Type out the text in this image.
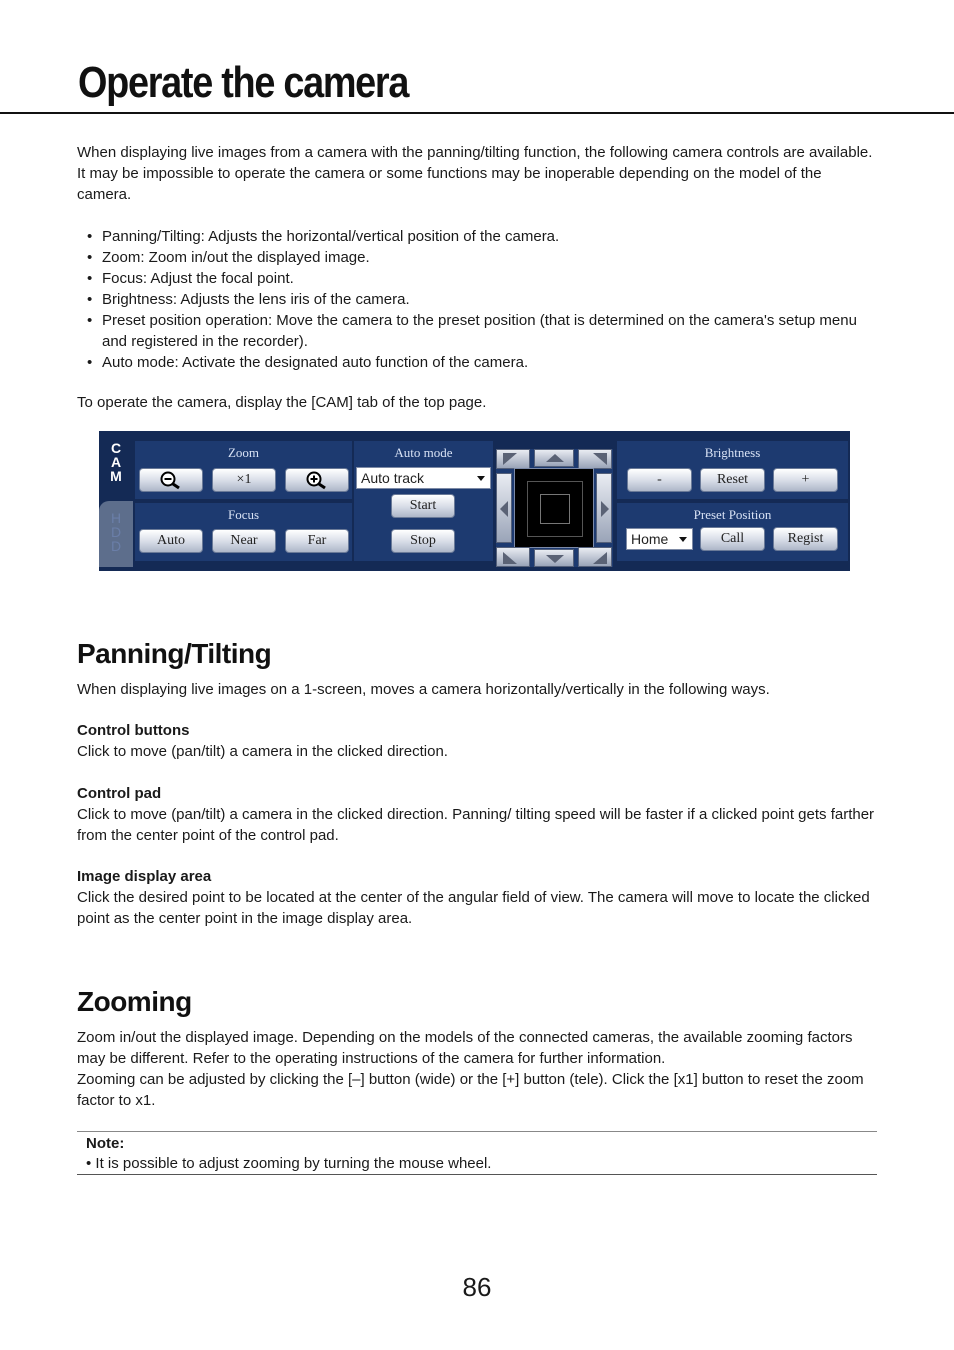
Operate the camera

When displaying live images from a camera with the panning/tilting function, the following camera controls are available. It may be impossible to operate the camera or some functions may be inoperable depending on the model of the camera.

• Panning/Tilting: Adjusts the horizontal/vertical position of the camera.
• Zoom: Zoom in/out the displayed image.
• Focus: Adjust the focal point.
• Brightness: Adjusts the lens iris of the camera.
• Preset position operation: Move the camera to the preset position (that is determined on the camera's setup menu and registered in the recorder).
• Auto mode: Activate the designated auto function of the camera.

To operate the camera, display the [CAM] tab of the top page.

C
A
M
H
D
D
Zoom
×1
Focus
Auto	Near	Far
Auto mode
Auto track
Start
Stop
Brightness
-	Reset	+
Preset Position
Home	Call	Regist
Panning/Tilting

When displaying live images on a 1-screen, moves a camera horizontally/vertically in the following ways.

Control buttons
Click to move (pan/tilt) a camera in the clicked direction.
Control pad
Click to move (pan/tilt) a camera in the clicked direction. Panning/ tilting speed will be faster if a clicked point gets farther from the center point of the control pad.
Image display area
Click the desired point to be located at the center of the angular field of view. The camera will move to locate the clicked point as the center point in the image display area.
Zooming

Zoom in/out the displayed image. Depending on the models of the connected cameras, the available zooming factors may be different. Refer to the operating instructions of the camera for further information.

Zooming can be adjusted by clicking the [–] button (wide) or the [+] button (tele). Click the [x1] button to reset the zoom factor to x1.

Note:
• It is possible to adjust zooming by turning the mouse wheel.
86
